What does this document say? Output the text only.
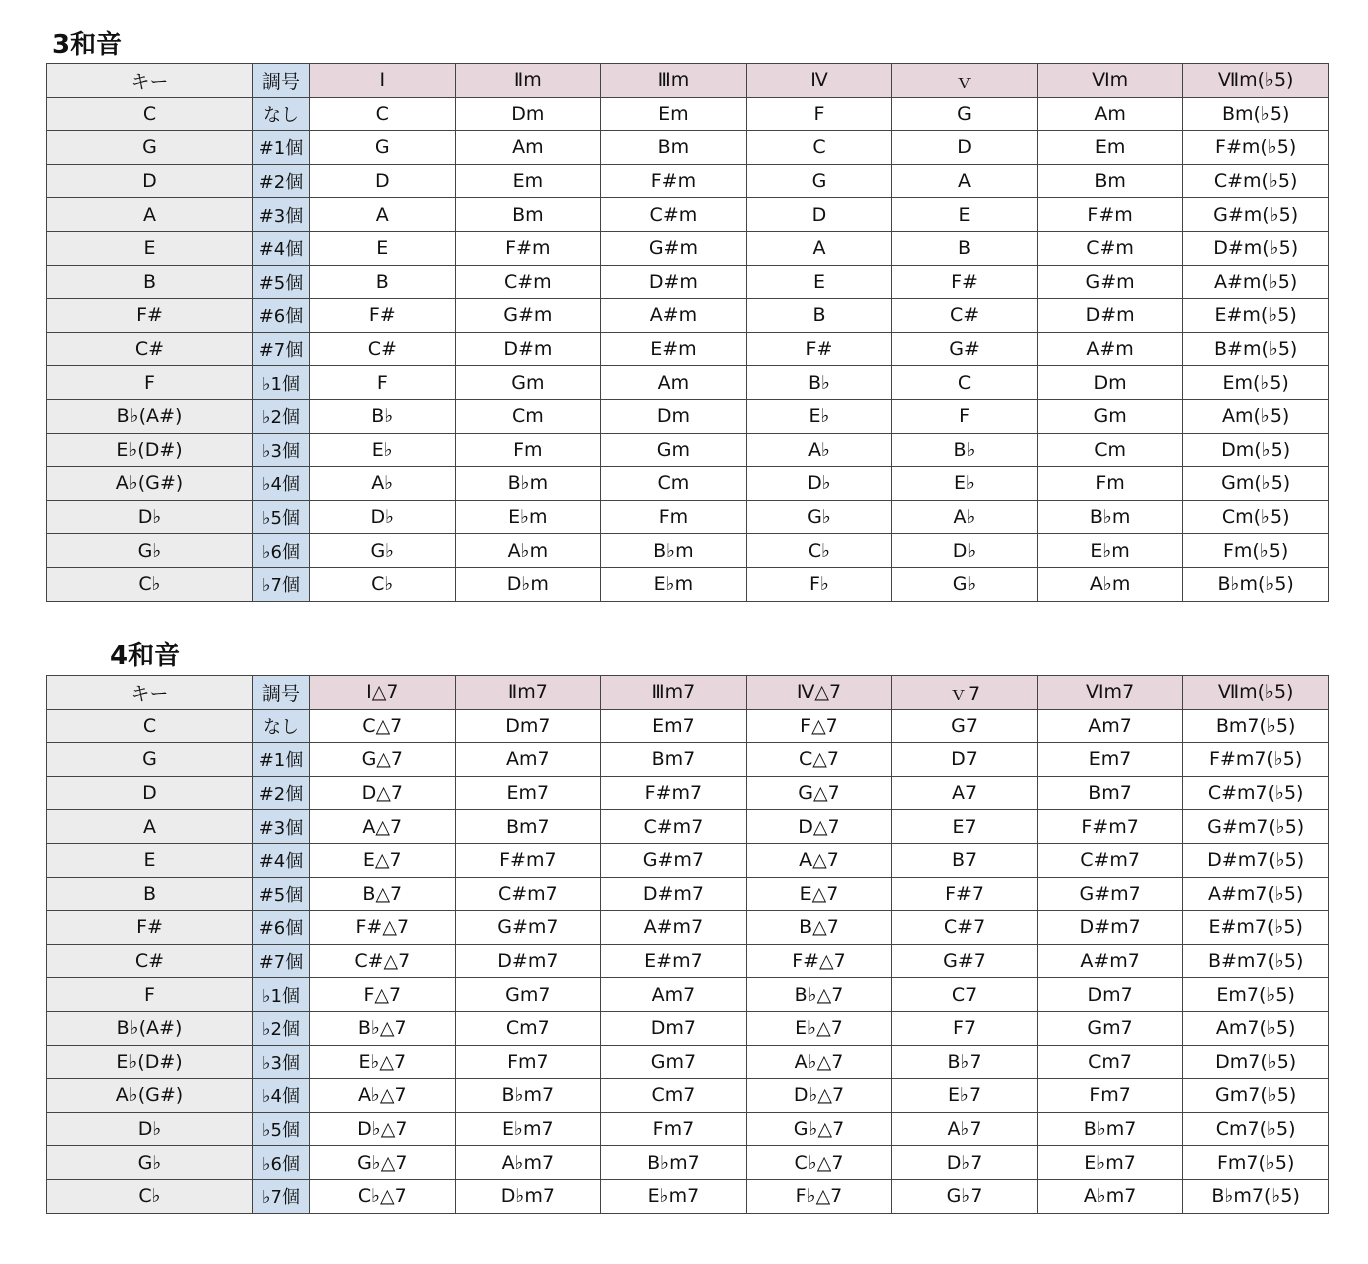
3和音
キー	調号	Ⅰ	Ⅱm	Ⅲm	Ⅳ	ｖ	Ⅵm	Ⅶm(♭5)
C	なし	C	Dm	Em	F	G	Am	Bm(♭5)
G	#1個	G	Am	Bm	C	D	Em	F#m(♭5)
D	#2個	D	Em	F#m	G	A	Bm	C#m(♭5)
A	#3個	A	Bm	C#m	D	E	F#m	G#m(♭5)
E	#4個	E	F#m	G#m	A	B	C#m	D#m(♭5)
B	#5個	B	C#m	D#m	E	F#	G#m	A#m(♭5)
F#	#6個	F#	G#m	A#m	B	C#	D#m	E#m(♭5)
C#	#7個	C#	D#m	E#m	F#	G#	A#m	B#m(♭5)
F	♭1個	F	Gm	Am	B♭	C	Dm	Em(♭5)
B♭(A#)	♭2個	B♭	Cm	Dm	E♭	F	Gm	Am(♭5)
E♭(D#)	♭3個	E♭	Fm	Gm	A♭	B♭	Cm	Dm(♭5)
A♭(G#)	♭4個	A♭	B♭m	Cm	D♭	E♭	Fm	Gm(♭5)
D♭	♭5個	D♭	E♭m	Fm	G♭	A♭	B♭m	Cm(♭5)
G♭	♭6個	G♭	A♭m	B♭m	C♭	D♭	E♭m	Fm(♭5)
C♭	♭7個	C♭	D♭m	E♭m	F♭	G♭	A♭m	B♭m(♭5)
4和音
キー	調号	Ⅰ△7	Ⅱm7	Ⅲm7	Ⅳ△7	ｖ7	Ⅵm7	Ⅶm(♭5)
C	なし	C△7	Dm7	Em7	F△7	G7	Am7	Bm7(♭5)
G	#1個	G△7	Am7	Bm7	C△7	D7	Em7	F#m7(♭5)
D	#2個	D△7	Em7	F#m7	G△7	A7	Bm7	C#m7(♭5)
A	#3個	A△7	Bm7	C#m7	D△7	E7	F#m7	G#m7(♭5)
E	#4個	E△7	F#m7	G#m7	A△7	B7	C#m7	D#m7(♭5)
B	#5個	B△7	C#m7	D#m7	E△7	F#7	G#m7	A#m7(♭5)
F#	#6個	F#△7	G#m7	A#m7	B△7	C#7	D#m7	E#m7(♭5)
C#	#7個	C#△7	D#m7	E#m7	F#△7	G#7	A#m7	B#m7(♭5)
F	♭1個	F△7	Gm7	Am7	B♭△7	C7	Dm7	Em7(♭5)
B♭(A#)	♭2個	B♭△7	Cm7	Dm7	E♭△7	F7	Gm7	Am7(♭5)
E♭(D#)	♭3個	E♭△7	Fm7	Gm7	A♭△7	B♭7	Cm7	Dm7(♭5)
A♭(G#)	♭4個	A♭△7	B♭m7	Cm7	D♭△7	E♭7	Fm7	Gm7(♭5)
D♭	♭5個	D♭△7	E♭m7	Fm7	G♭△7	A♭7	B♭m7	Cm7(♭5)
G♭	♭6個	G♭△7	A♭m7	B♭m7	C♭△7	D♭7	E♭m7	Fm7(♭5)
C♭	♭7個	C♭△7	D♭m7	E♭m7	F♭△7	G♭7	A♭m7	B♭m7(♭5)
